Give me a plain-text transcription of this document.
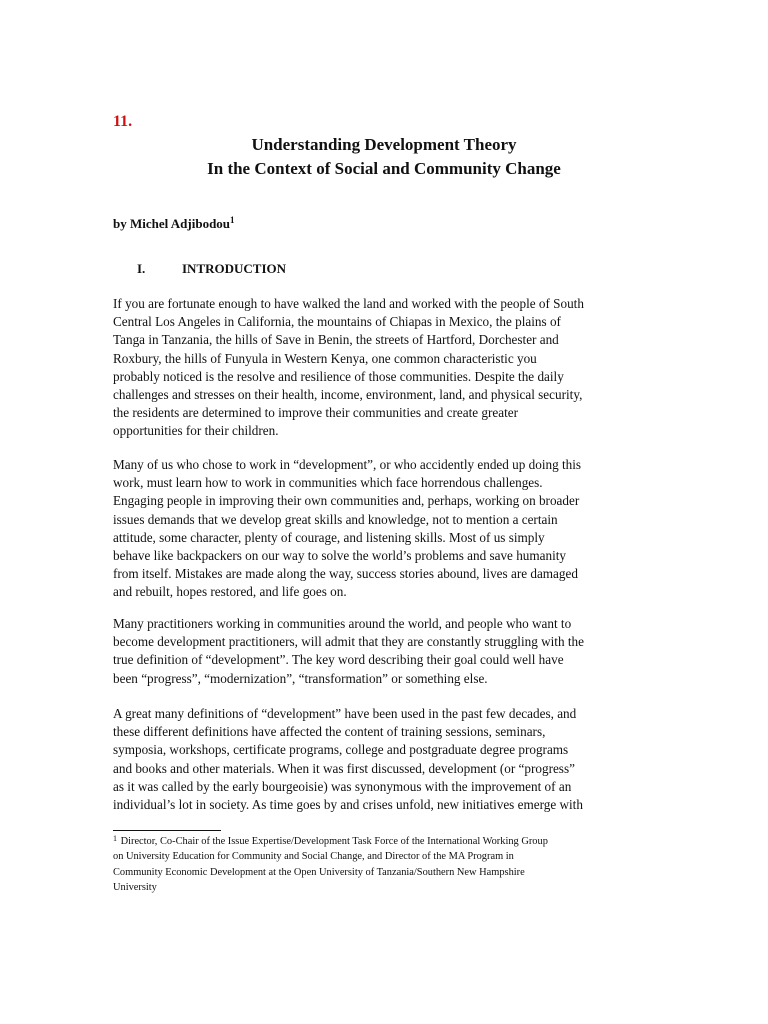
11.
Understanding Development Theory
In the Context of Social and Community Change
by Michel Adjibodou$^1$
I.	INTRODUCTION
If you are fortunate enough to have walked the land and worked with the people of South
Central Los Angeles in California, the mountains of Chiapas in Mexico, the plains of
Tanga in Tanzania, the hills of Save in Benin, the streets of Hartford, Dorchester and
Roxbury, the hills of Funyula in Western Kenya, one common characteristic you
probably noticed is the resolve and resilience of those communities. Despite the daily
challenges and stresses on their health, income, environment, land, and physical security,
the residents are determined to improve their communities and create greater
opportunities for their children.
Many of us who chose to work in “development”, or who accidently ended up doing this
work, must learn how to work in communities which face horrendous challenges.
Engaging people in improving their own communities and, perhaps, working on broader
issues demands that we develop great skills and knowledge, not to mention a certain
attitude, some character, plenty of courage, and listening skills. Most of us simply
behave like backpackers on our way to solve the world’s problems and save humanity
from itself. Mistakes are made along the way, success stories abound, lives are damaged
and rebuilt, hopes restored, and life goes on.
Many practitioners working in communities around the world, and people who want to
become development practitioners, will admit that they are constantly struggling with the
true definition of “development”. The key word describing their goal could well have
been “progress”, “modernization”, “transformation” or something else.
A great many definitions of “development” have been used in the past few decades, and
these different definitions have affected the content of training sessions, seminars,
symposia, workshops, certificate programs, college and postgraduate degree programs
and books and other materials. When it was first discussed, development (or “progress”
as it was called by the early bourgeoisie) was synonymous with the improvement of an
individual’s lot in society. As time goes by and crises unfold, new initiatives emerge with
$^1$ Director, Co-Chair of the Issue Expertise/Development Task Force of the International Working Group
on University Education for Community and Social Change, and Director of the MA Program in
Community Economic Development at the Open University of Tanzania/Southern New Hampshire
University
